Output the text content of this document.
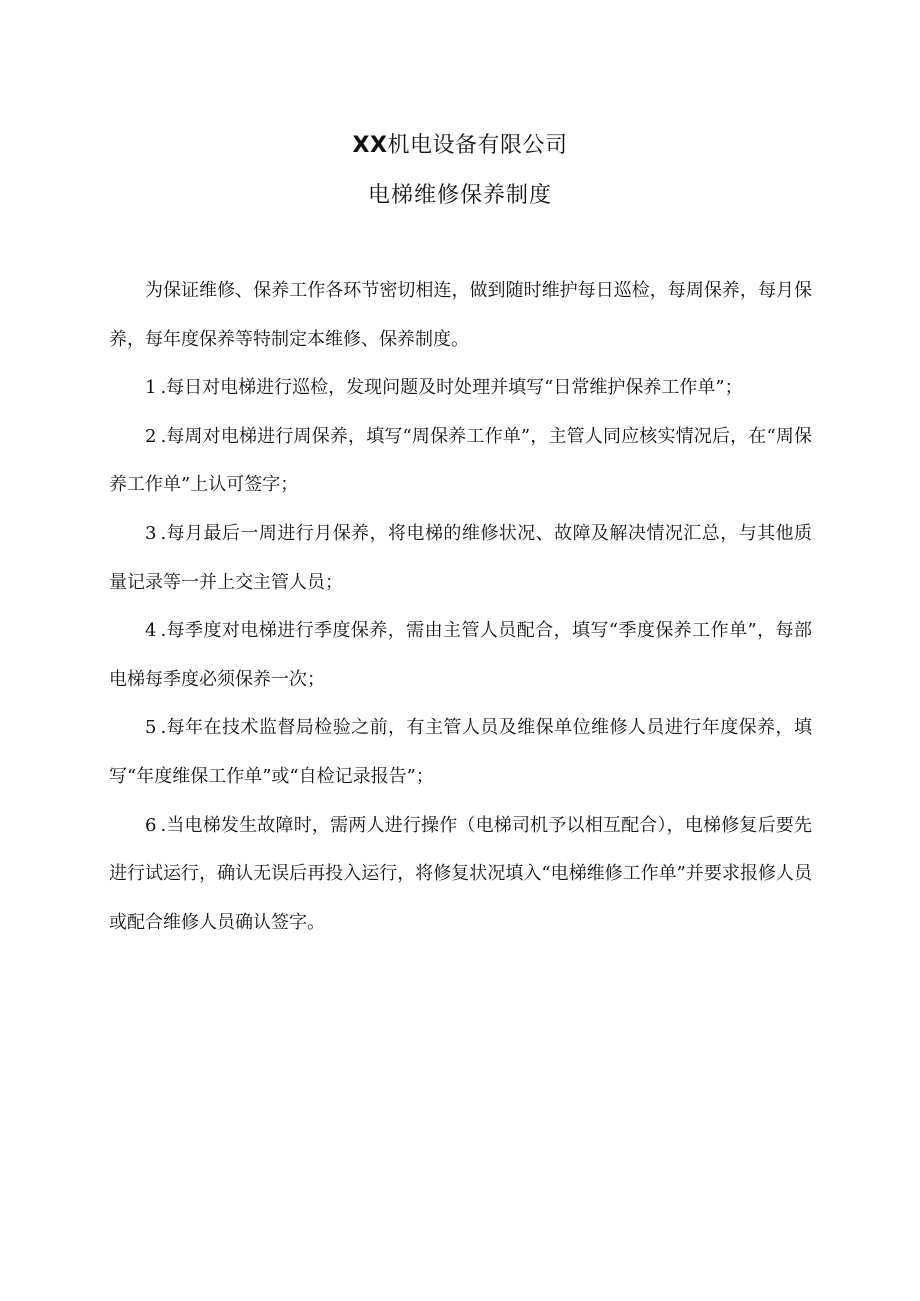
XX机电设备有限公司
电梯维修保养制度

为保证维修、保养工作各环节密切相连，做到随时维护每日巡检，每周保养，每月保养，每年度保养等特制定本维修、保养制度。

1 .每日对电梯进行巡检，发现问题及时处理并填写“日常维护保养工作单”；

2 .每周对电梯进行周保养，填写“周保养工作单”，主管人同应核实情况后，在“周保养工作单”上认可签字；

3 .每月最后一周进行月保养，将电梯的维修状况、故障及解决情况汇总，与其他质量记录等一并上交主管人员；

4 .每季度对电梯进行季度保养，需由主管人员配合，填写“季度保养工作单”，每部电梯每季度必须保养一次；

5 .每年在技术监督局检验之前，有主管人员及维保单位维修人员进行年度保养，填写“年度维保工作单”或“自检记录报告”；

6 .当电梯发生故障时，需两人进行操作（电梯司机予以相互配合），电梯修复后要先进行试运行，确认无误后再投入运行，将修复状况填入“电梯维修工作单”并要求报修人员或配合维修人员确认签字。
